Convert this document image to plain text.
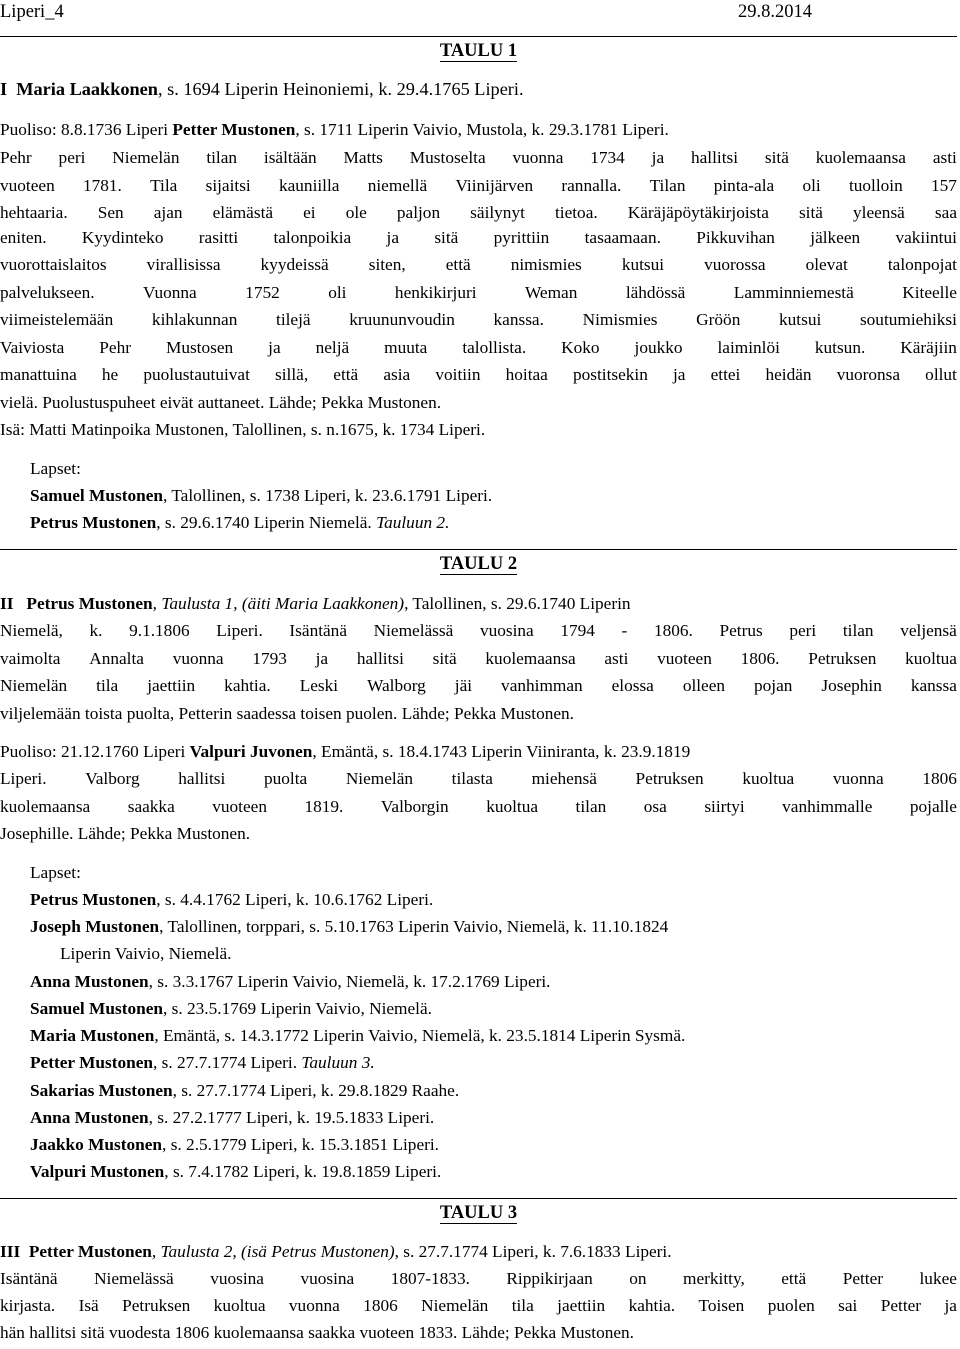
Liperi_4	29.8.2014
TAULU 1
I  Maria Laakkonen, s. 1694 Liperin Heinoniemi, k. 29.4.1765 Liperi.
Puoliso: 8.8.1736 Liperi Petter Mustonen, s. 1711 Liperin Vaivio, Mustola, k. 29.3.1781 Liperi.
Pehr peri Niemelän tilan isältään Matts Mustoselta vuonna 1734 ja hallitsi sitä kuolemaansa asti
vuoteen 1781. Tila sijaitsi kauniilla niemellä Viinijärven rannalla. Tilan pinta-ala oli tuolloin 157
hehtaaria. Sen ajan elämästä ei ole paljon säilynyt tietoa. Käräjäpöytäkirjoista sitä yleensä saa
eniten. Kyydinteko rasitti talonpoikia ja sitä pyrittiin tasaamaan. Pikkuvihan jälkeen vakiintui
vuorottaislaitos virallisissa kyydeissä siten, että nimismies kutsui vuorossa olevat talonpojat
palvelukseen.	Vuonna	1752	oli	henkikirjuri	Weman	lähdössä	Lamminniemestä	Kiteelle
viimeistelemään kihlakunnan tilejä kruununvoudin kanssa. Nimismies Gröön kutsui soutumiehiksi
Vaiviosta Pehr Mustosen ja neljä muuta talollista. Koko joukko laiminlöi kutsun. Käräjiin
manattuina he puolustautuivat sillä, että asia voitiin hoitaa postitsekin ja ettei heidän vuoronsa ollut
vielä. Puolustuspuheet eivät auttaneet. Lähde; Pekka Mustonen.
Isä: Matti Matinpoika Mustonen, Talollinen, s. n.1675, k. 1734 Liperi.
Lapset:
Samuel Mustonen, Talollinen, s. 1738 Liperi, k. 23.6.1791 Liperi.
Petrus Mustonen, s. 29.6.1740 Liperin Niemelä. Tauluun 2.
TAULU 2
II   Petrus Mustonen, Taulusta 1, (äiti Maria Laakkonen), Talollinen, s. 29.6.1740 Liperin
Niemelä, k. 9.1.1806 Liperi. Isäntänä Niemelässä vuosina 1794 - 1806. Petrus peri tilan veljensä
vaimolta Annalta vuonna 1793 ja hallitsi sitä kuolemaansa asti vuoteen 1806. Petruksen kuoltua
Niemelän tila jaettiin kahtia. Leski Walborg jäi vanhimman elossa olleen pojan Josephin kanssa
viljelemään toista puolta, Petterin saadessa toisen puolen. Lähde; Pekka Mustonen.
Puoliso: 21.12.1760 Liperi Valpuri Juvonen, Emäntä, s. 18.4.1743 Liperin Viiniranta, k. 23.9.1819
Liperi. Valborg hallitsi puolta Niemelän tilasta miehensä Petruksen kuoltua vuonna 1806
kuolemaansa saakka vuoteen 1819. Valborgin kuoltua tilan osa siirtyi vanhimmalle pojalle
Josephille. Lähde; Pekka Mustonen.
Lapset:
Petrus Mustonen, s. 4.4.1762 Liperi, k. 10.6.1762 Liperi.
Joseph Mustonen, Talollinen, torppari, s. 5.10.1763 Liperin Vaivio, Niemelä, k. 11.10.1824
Liperin Vaivio, Niemelä.
Anna Mustonen, s. 3.3.1767 Liperin Vaivio, Niemelä, k. 17.2.1769 Liperi.
Samuel Mustonen, s. 23.5.1769 Liperin Vaivio, Niemelä.
Maria Mustonen, Emäntä, s. 14.3.1772 Liperin Vaivio, Niemelä, k. 23.5.1814 Liperin Sysmä.
Petter Mustonen, s. 27.7.1774 Liperi. Tauluun 3.
Sakarias Mustonen, s. 27.7.1774 Liperi, k. 29.8.1829 Raahe.
Anna Mustonen, s. 27.2.1777 Liperi, k. 19.5.1833 Liperi.
Jaakko Mustonen, s. 2.5.1779 Liperi, k. 15.3.1851 Liperi.
Valpuri Mustonen, s. 7.4.1782 Liperi, k. 19.8.1859 Liperi.
TAULU 3
III  Petter Mustonen, Taulusta 2, (isä Petrus Mustonen), s. 27.7.1774 Liperi, k. 7.6.1833 Liperi.
Isäntänä Niemelässä vuosina vuosina 1807-1833. Rippikirjaan on merkitty, että Petter lukee
kirjasta. Isä Petruksen kuoltua vuonna 1806 Niemelän tila jaettiin kahtia. Toisen puolen sai Petter ja
hän hallitsi sitä vuodesta 1806 kuolemaansa saakka vuoteen 1833. Lähde; Pekka Mustonen.
